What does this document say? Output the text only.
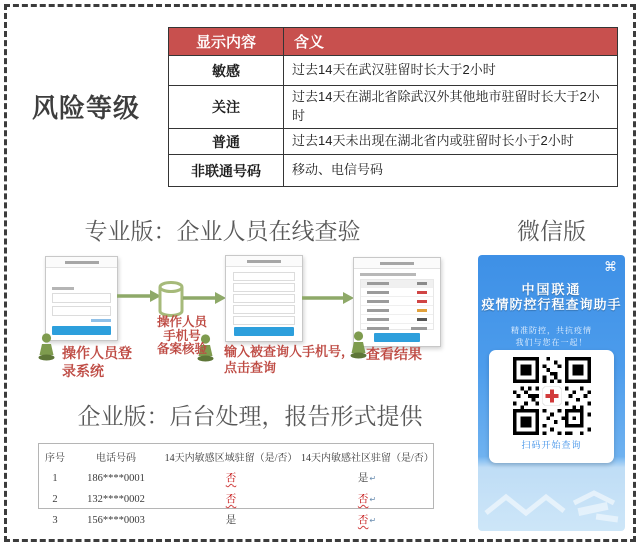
风险等级
显示内容	含义
敏感	过去14天在武汉驻留时长大于2小时
关注	过去14天在湖北省除武汉外其他地市驻留时长大于2小时
普通	过去14天未出现在湖北省内或驻留时长小于2小时
非联通号码	移动、电信号码
专业版：企业人员在线查验	微信版
操作人员登录系统
操作人员
手机号
备案核验	输入被查询人手机号，
点击查询
查看结果
⌘
中国联通
疫情防控行程查询助手
精准防控，共抗疫情
我们与您在一起！
扫码开始查询
企业版：后台处理，报告形式提供
序号	电话号码	14天内敏感区域驻留（是/否） 14天内敏感社区驻留（是/否）
1	186****0001	否	是↵
2	132****0002	否	否↵
3	156****0003	是	否↵
